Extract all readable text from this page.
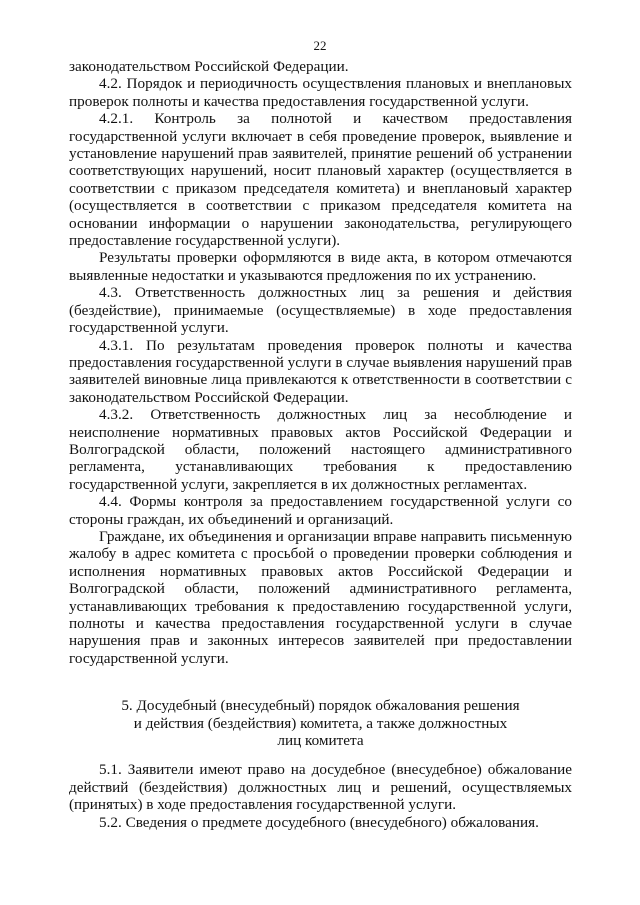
22

законодательством Российской Федерации.

4.2. Порядок и периодичность осуществления плановых и внеплановых проверок полноты и качества предоставления государственной услуги.

4.2.1. Контроль за полнотой и качеством предоставления государственной услуги включает в себя проведение проверок, выявление и установление нарушений прав заявителей, принятие решений об устранении соответствующих нарушений, носит плановый характер (осуществляется в соответствии с приказом председателя комитета) и внеплановый характер (осуществляется в соответствии с приказом председателя комитета на основании информации о нарушении законодательства, регулирующего предоставление государственной услуги).

Результаты проверки оформляются в виде акта, в котором отмечаются выявленные недостатки и указываются предложения по их устранению.

4.3. Ответственность должностных лиц за решения и действия (бездействие), принимаемые (осуществляемые) в ходе предоставления государственной услуги.

4.3.1. По результатам проведения проверок полноты и качества предоставления государственной услуги в случае выявления нарушений прав заявителей виновные лица привлекаются к ответственности в соответствии с законодательством Российской Федерации.

4.3.2. Ответственность должностных лиц за несоблюдение и неисполнение нормативных правовых актов Российской Федерации и Волгоградской области, положений настоящего административного регламента, устанавливающих требования к предоставлению государственной услуги, закрепляется в их должностных регламентах.

4.4. Формы контроля за предоставлением государственной услуги со стороны граждан, их объединений и организаций.

Граждане, их объединения и организации вправе направить письменную жалобу в адрес комитета с просьбой о проведении проверки соблюдения и исполнения нормативных правовых актов Российской Федерации и Волгоградской области, положений административного регламента, устанавливающих требования к предоставлению государственной услуги, полноты и качества предоставления государственной услуги в случае нарушения прав и законных интересов заявителей при предоставлении государственной услуги.

5. Досудебный (внесудебный) порядок обжалования решения
и действия (бездействия) комитета, а также должностных
лиц комитета

5.1. Заявители имеют право на досудебное (внесудебное) обжалование действий (бездействия) должностных лиц и решений, осуществляемых (принятых) в ходе предоставления государственной услуги.

5.2. Сведения о предмете досудебного (внесудебного) обжалования.
